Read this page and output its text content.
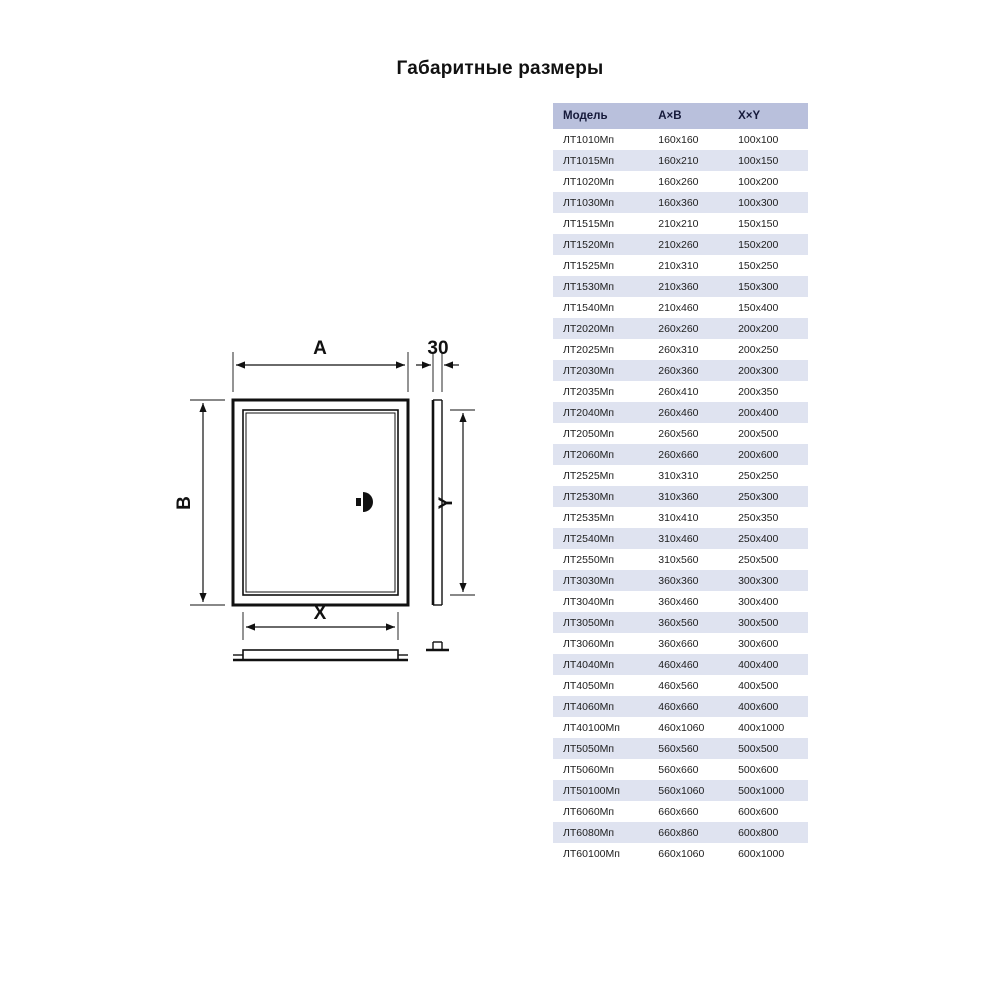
Габаритные размеры
A	30
B
X
Y
Модель	A×B	X×Y
ЛТ1010Мп	160х160	100х100
ЛТ1015Мп	160х210	100х150
ЛТ1020Мп	160х260	100х200
ЛТ1030Мп	160х360	100х300
ЛТ1515Мп	210х210	150х150
ЛТ1520Мп	210х260	150х200
ЛТ1525Мп	210х310	150х250
ЛТ1530Мп	210х360	150х300
ЛТ1540Мп	210х460	150х400
ЛТ2020Мп	260х260	200х200
ЛТ2025Мп	260х310	200х250
ЛТ2030Мп	260х360	200х300
ЛТ2035Мп	260х410	200х350
ЛТ2040Мп	260х460	200х400
ЛТ2050Мп	260х560	200х500
ЛТ2060Мп	260х660	200х600
ЛТ2525Мп	310х310	250х250
ЛТ2530Мп	310х360	250х300
ЛТ2535Мп	310х410	250х350
ЛТ2540Мп	310х460	250х400
ЛТ2550Мп	310х560	250х500
ЛТ3030Мп	360х360	300х300
ЛТ3040Мп	360х460	300х400
ЛТ3050Мп	360х560	300х500
ЛТ3060Мп	360х660	300х600
ЛТ4040Мп	460х460	400х400
ЛТ4050Мп	460х560	400х500
ЛТ4060Мп	460х660	400х600
ЛТ40100Мп	460х1060	400х1000
ЛТ5050Мп	560х560	500х500
ЛТ5060Мп	560х660	500х600
ЛТ50100Мп	560х1060	500х1000
ЛТ6060Мп	660х660	600х600
ЛТ6080Мп	660х860	600х800
ЛТ60100Мп	660х1060	600х1000
